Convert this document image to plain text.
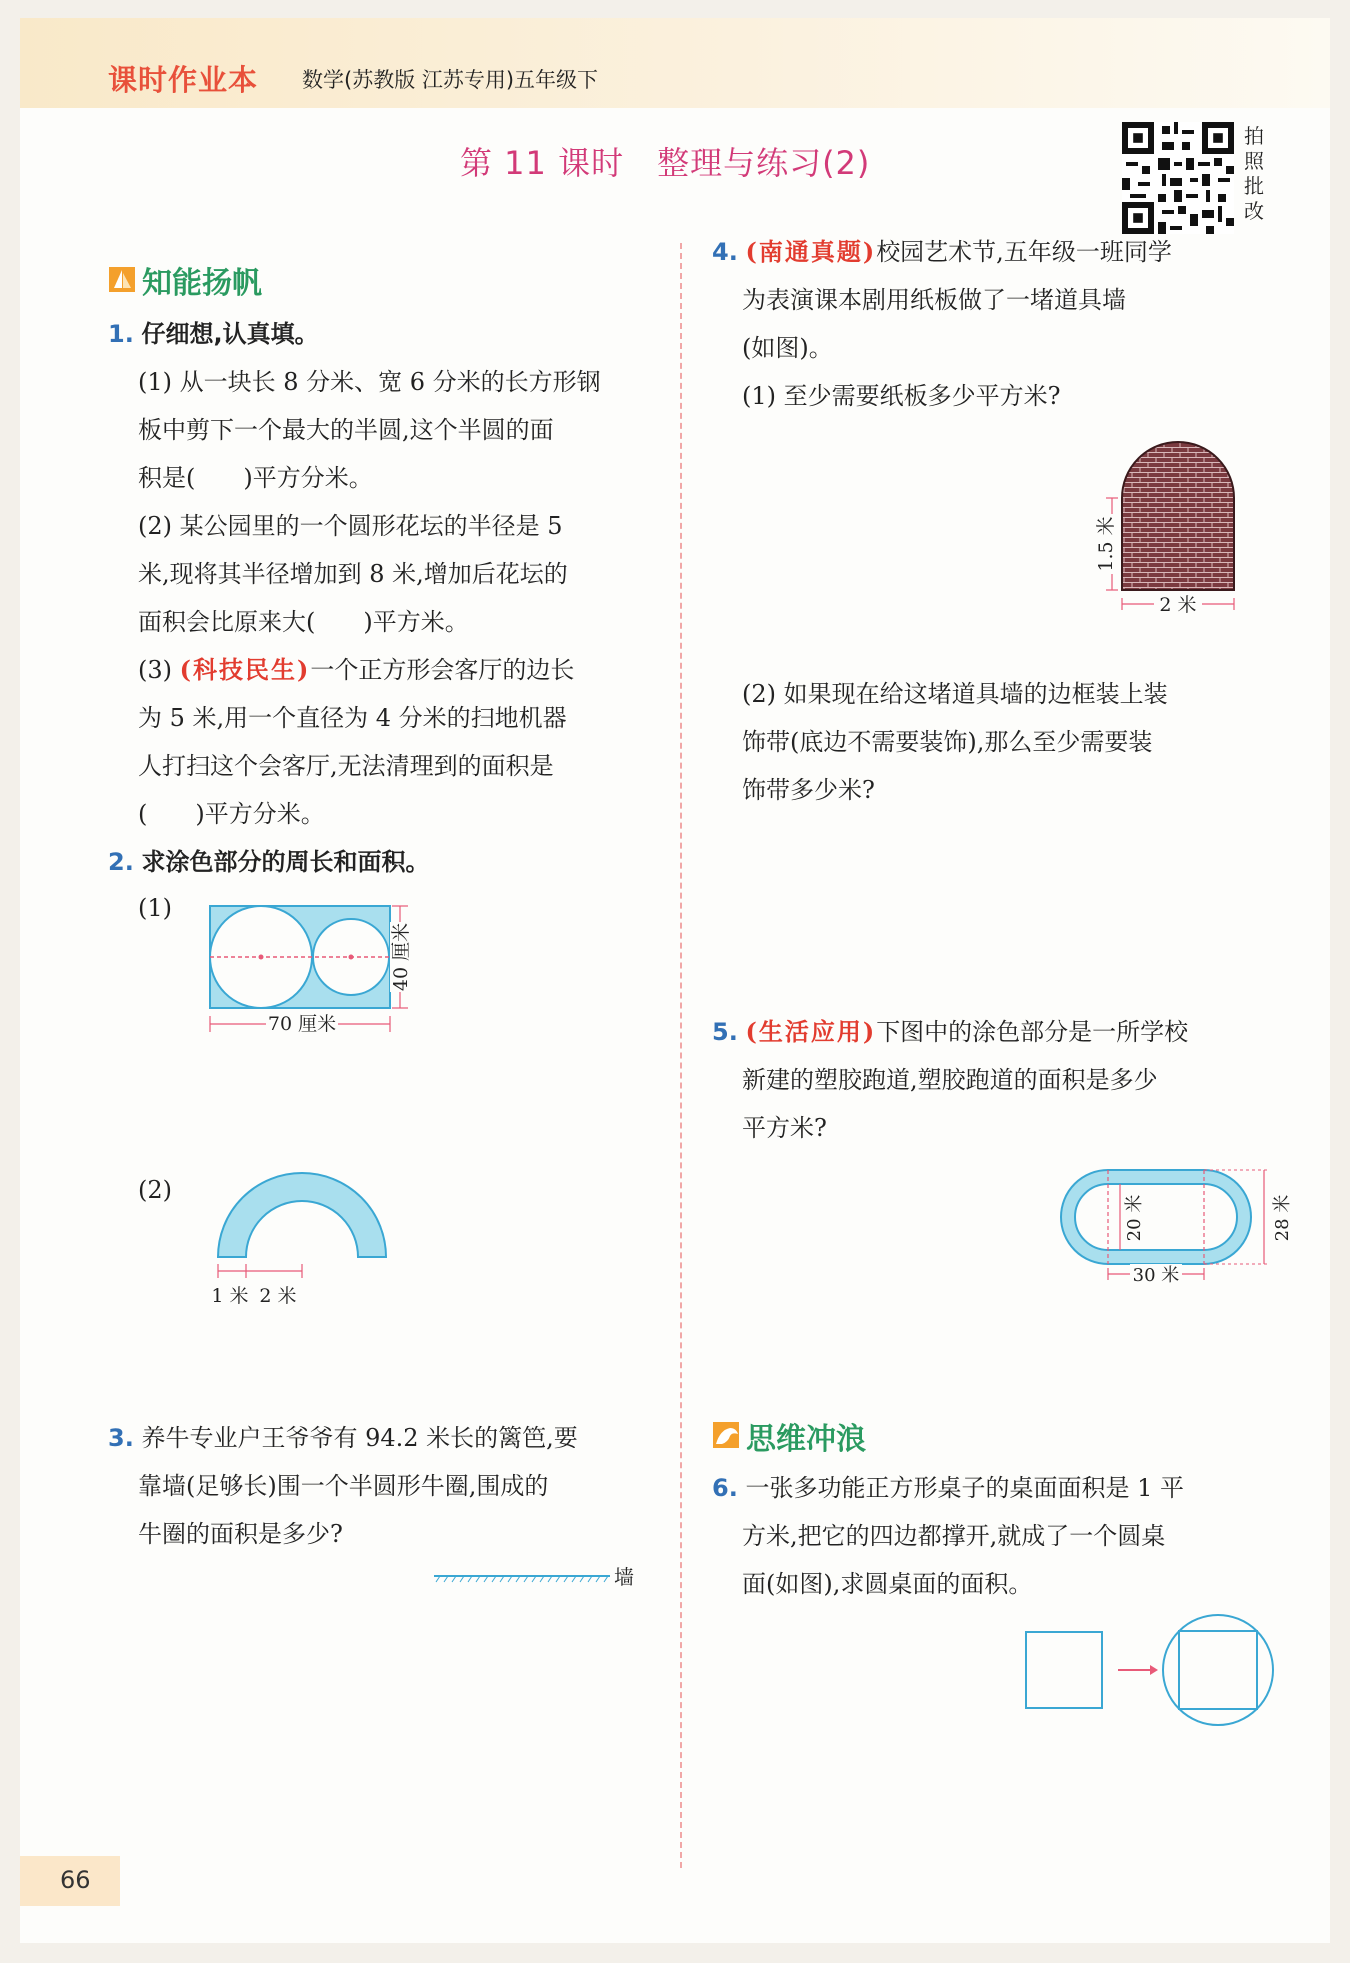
课时作业本 数学(苏教版 江苏专用)五年级下
第 11 课时　整理与练习(2)
拍照批改
知能扬帆
1. 仔细想,认真填。
(1) 从一块长 8 分米、宽 6 分米的长方形钢
板中剪下一个最大的半圆,这个半圆的面
积是(　　)平方分米。
(2) 某公园里的一个圆形花坛的半径是 5
米,现将其半径增加到 8 米,增加后花坛的
面积会比原来大(　　)平方米。
(3) (科技民生)一个正方形会客厅的边长
为 5 米,用一个直径为 4 分米的扫地机器
人打扫这个会客厅,无法清理到的面积是
(　　)平方分米。
2. 求涂色部分的周长和面积。
(1)
70 厘米
40 厘米
(2)
1 米 2 米
3. 养牛专业户王爷爷有 94.2 米长的篱笆,要
靠墙(足够长)围一个半圆形牛圈,围成的
牛圈的面积是多少?
墙
4. (南通真题)校园艺术节,五年级一班同学
为表演课本剧用纸板做了一堵道具墙
(如图)。
(1) 至少需要纸板多少平方米?
1.5 米
2 米
(2) 如果现在给这堵道具墙的边框装上装
饰带(底边不需要装饰),那么至少需要装
饰带多少米?
5. (生活应用)下图中的涂色部分是一所学校
新建的塑胶跑道,塑胶跑道的面积是多少
平方米?
20 米	28 米
30 米
思维冲浪
6. 一张多功能正方形桌子的桌面面积是 1 平
方米,把它的四边都撑开,就成了一个圆桌
面(如图),求圆桌面的面积。
66
